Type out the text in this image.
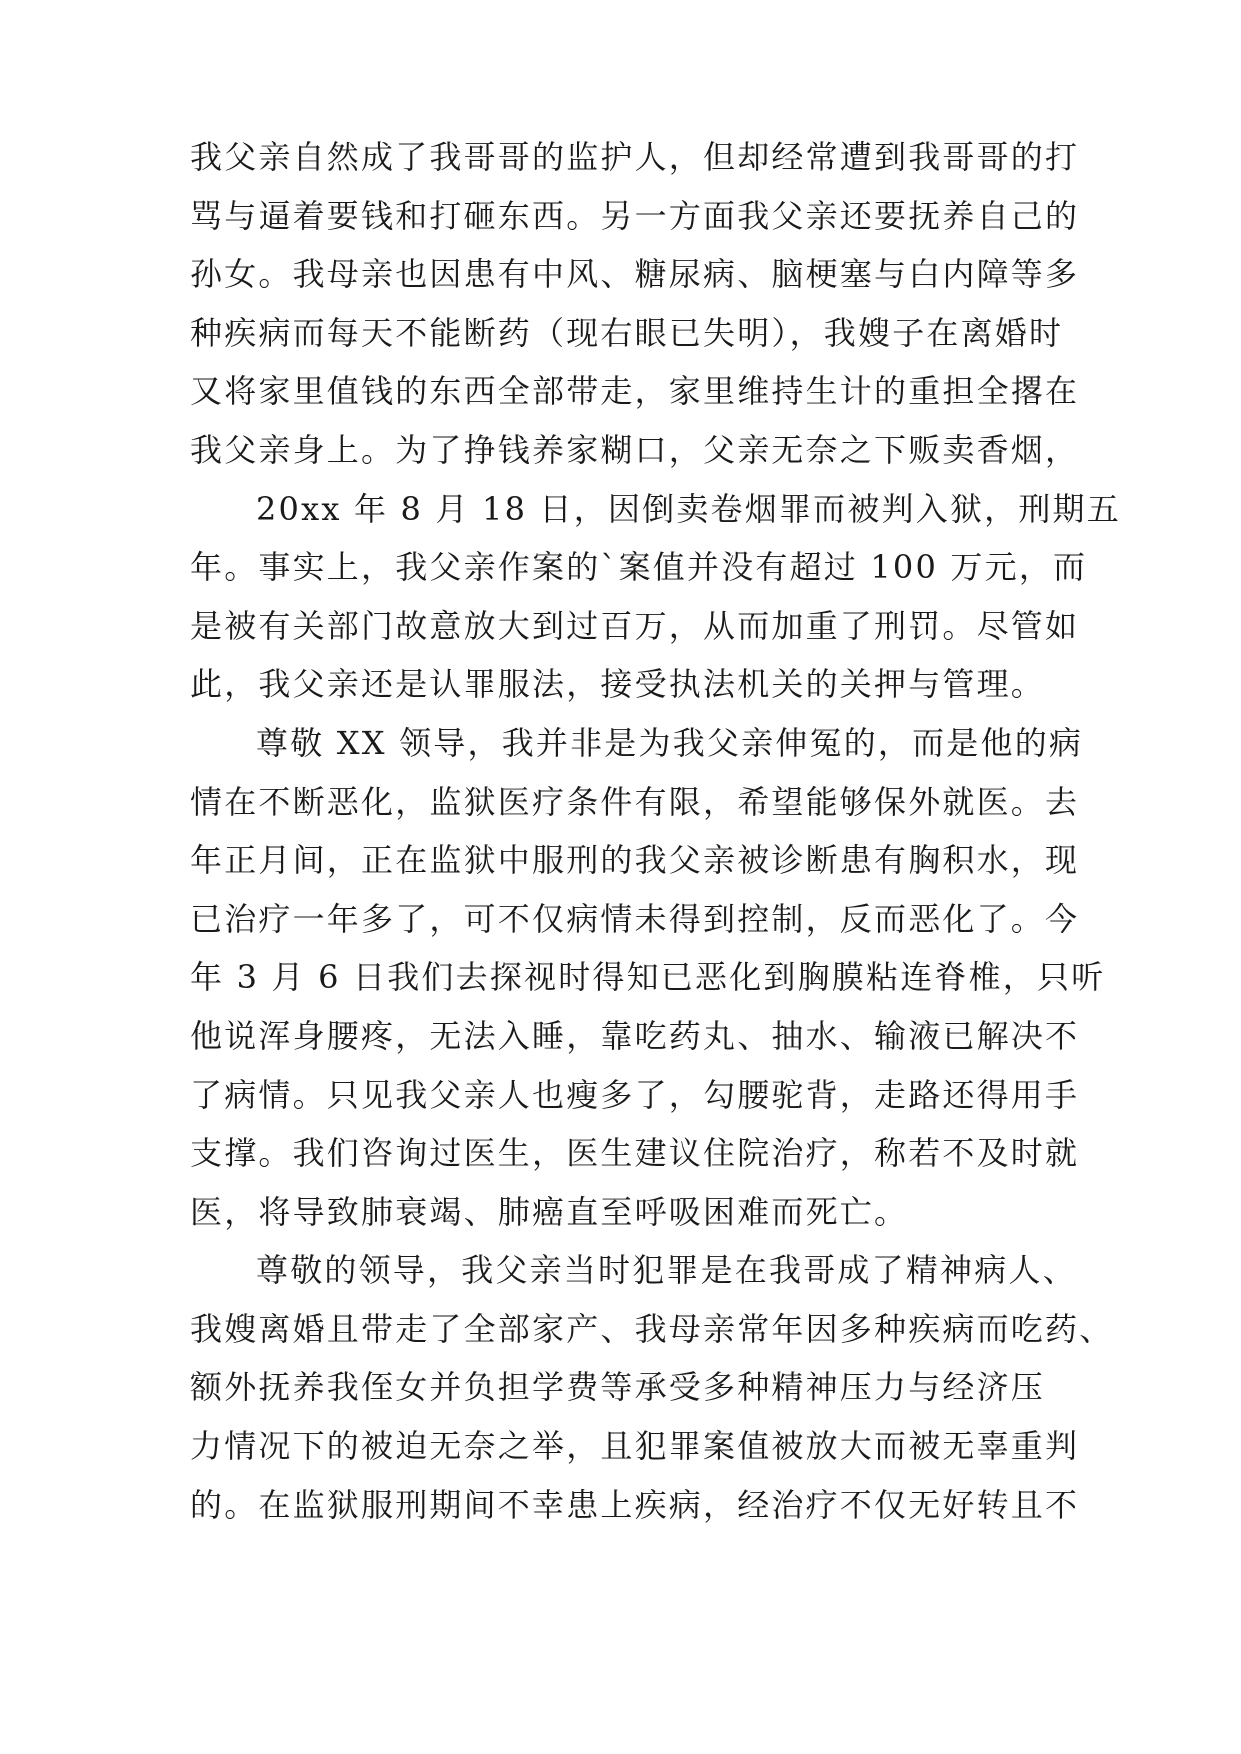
我父亲自然成了我哥哥的监护人，但却经常遭到我哥哥的打
骂与逼着要钱和打砸东西。另一方面我父亲还要抚养自己的
孙女。我母亲也因患有中风、糖尿病、脑梗塞与白内障等多
种疾病而每天不能断药（现右眼已失明），我嫂子在离婚时
又将家里值钱的东西全部带走，家里维持生计的重担全撂在
我父亲身上。为了挣钱养家糊口，父亲无奈之下贩卖香烟，
20xx 年 8 月 18 日，因倒卖卷烟罪而被判入狱，刑期五
年。事实上，我父亲作案的`案值并没有超过 100 万元，而
是被有关部门故意放大到过百万，从而加重了刑罚。尽管如
此，我父亲还是认罪服法，接受执法机关的关押与管理。
尊敬 XX 领导，我并非是为我父亲伸冤的，而是他的病
情在不断恶化，监狱医疗条件有限，希望能够保外就医。去
年正月间，正在监狱中服刑的我父亲被诊断患有胸积水，现
已治疗一年多了，可不仅病情未得到控制，反而恶化了。今
年 3 月 6 日我们去探视时得知已恶化到胸膜粘连脊椎，只听
他说浑身腰疼，无法入睡，靠吃药丸、抽水、输液已解决不
了病情。只见我父亲人也瘦多了，勾腰驼背，走路还得用手
支撑。我们咨询过医生，医生建议住院治疗，称若不及时就
医，将导致肺衰竭、肺癌直至呼吸困难而死亡。
尊敬的领导，我父亲当时犯罪是在我哥成了精神病人、
我嫂离婚且带走了全部家产、我母亲常年因多种疾病而吃药、
额外抚养我侄女并负担学费等承受多种精神压力与经济压
力情况下的被迫无奈之举，且犯罪案值被放大而被无辜重判
的。在监狱服刑期间不幸患上疾病，经治疗不仅无好转且不
